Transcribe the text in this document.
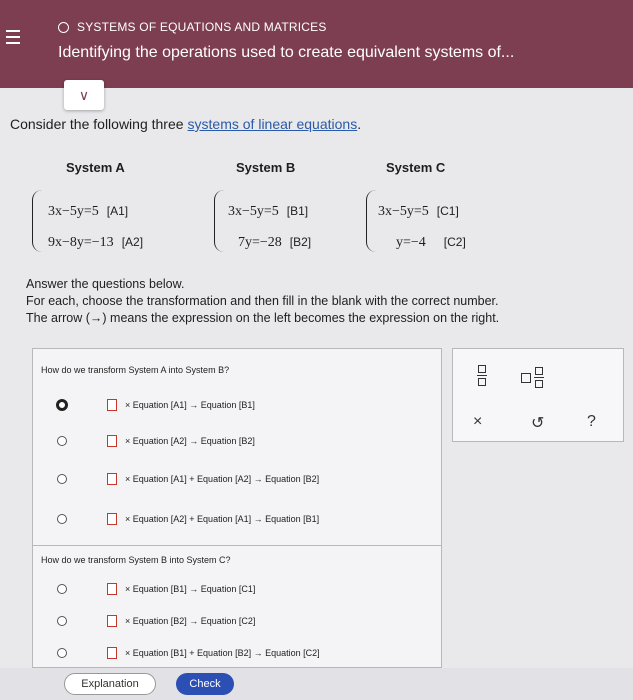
SYSTEMS OF EQUATIONS AND MATRICES
Identifying the operations used to create equivalent systems of...
∨
Consider the following three systems of linear equations.
System A	System B	System C
3x−5y=5 [A1]
9x−8y=−13 [A2]
3x−5y=5 [B1]
7y=−28 [B2]
3x−5y=5 [C1]
y=−4 [C2]
Answer the questions below.
For each, choose the transformation and then fill in the blank with the correct number.
The arrow (→) means the expression on the left becomes the expression on the right.
How do we transform System A into System B?
× Equation [A1] → Equation [B1]
× Equation [A2] → Equation [B2]
× Equation [A1] + Equation [A2] → Equation [B2]
× Equation [A2] + Equation [A1] → Equation [B1]
How do we transform System B into System C?
× Equation [B1] → Equation [C1]
× Equation [B2] → Equation [C2]
× Equation [B1] + Equation [B2] → Equation [C2]
×	↺	?
Explanation	Check
